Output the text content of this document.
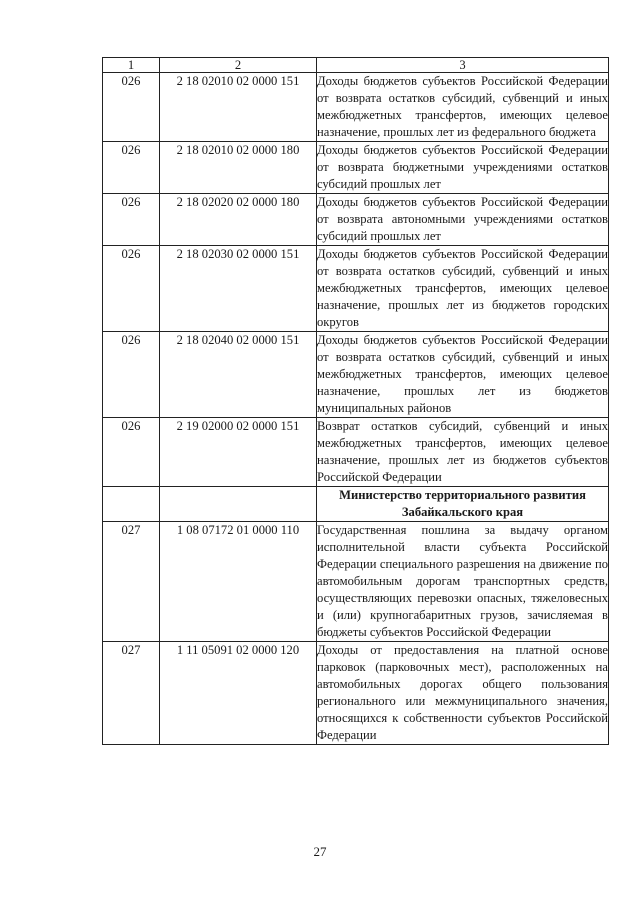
1	2	3
026	2 18 02010 02 0000 151	Доходы бюджетов субъектов Российской Федерации от возврата остатков субсидий, субвенций и иных межбюджетных трансфертов, имеющих целевое назначение, прошлых лет из федерального бюджета
026	2 18 02010 02 0000 180	Доходы бюджетов субъектов Российской Федерации от возврата бюджетными учреждениями остатков субсидий прошлых лет
026	2 18 02020 02 0000 180	Доходы бюджетов субъектов Российской Федерации от возврата автономными учреждениями остатков субсидий прошлых лет
026	2 18 02030 02 0000 151	Доходы бюджетов субъектов Российской Федерации от возврата остатков субсидий, субвенций и иных межбюджетных трансфертов, имеющих целевое назначение, прошлых лет из бюджетов городских округов
026	2 18 02040 02 0000 151	Доходы бюджетов субъектов Российской Федерации от возврата остатков субсидий, субвенций и иных межбюджетных трансфертов, имеющих целевое назначение, прошлых лет из бюджетов муниципальных районов
026	2 19 02000 02 0000 151	Возврат остатков субсидий, субвенций и иных межбюджетных трансфертов, имеющих целевое назначение, прошлых лет из бюджетов субъектов Российской Федерации
		Министерство территориального развития Забайкальского края
027	1 08 07172 01 0000 110	Государственная пошлина за выдачу органом исполнительной власти субъекта Российской Федерации специального разрешения на движение по автомобильным дорогам транспортных средств, осуществляющих перевозки опасных, тяжеловесных и (или) крупногабаритных грузов, зачисляемая в бюджеты субъектов Российской Федерации
027	1 11 05091 02 0000 120	Доходы от предоставления на платной основе парковок (парковочных мест), расположенных на автомобильных дорогах общего пользования регионального или межмуниципального значения, относящихся к собственности субъектов Российской Федерации
27
